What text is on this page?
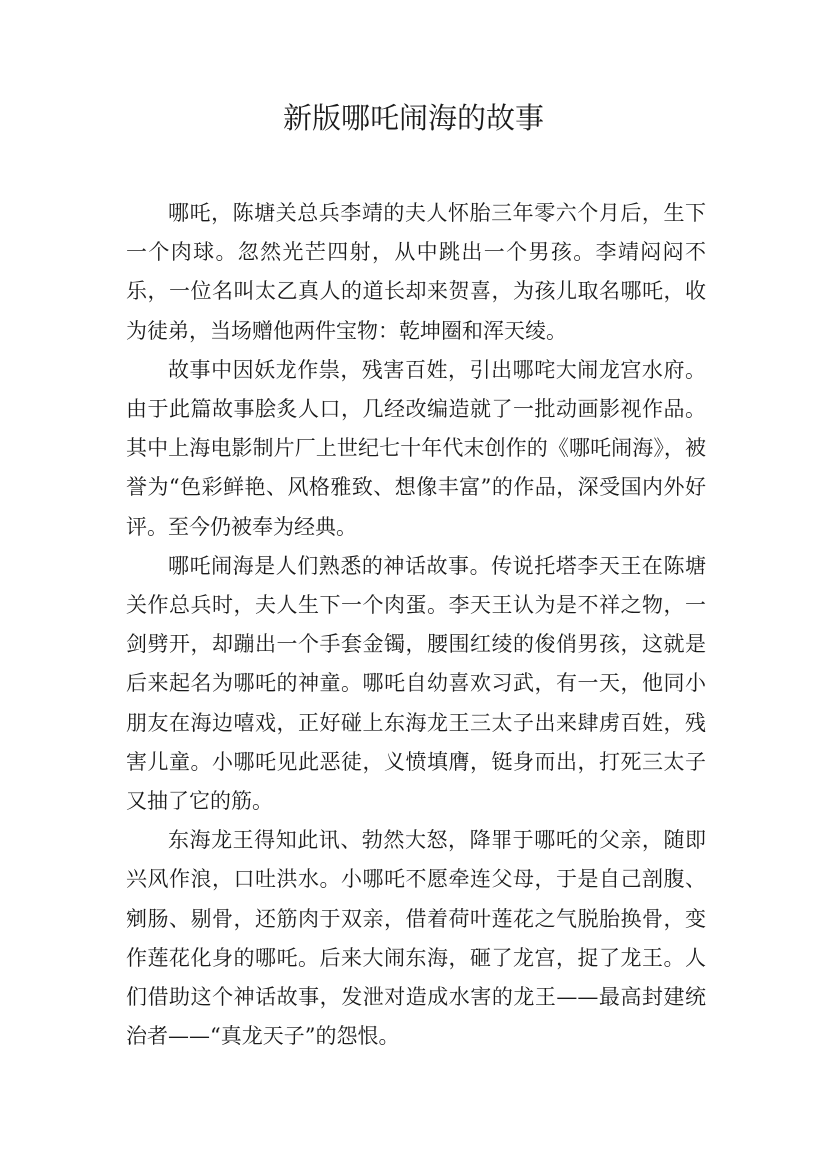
新版哪吒闹海的故事

哪吒，陈塘关总兵李靖的夫人怀胎三年零六个月后，生下一个肉球。忽然光芒四射，从中跳出一个男孩。李靖闷闷不 乐，一位名叫太乙真人的道长却来贺喜，为孩儿取名哪吒，收为徒弟，当场赠他两件宝物：乾坤圈和浑天绫。

故事中因妖龙作祟，残害百姓，引出哪咤大闹龙宫水府。由于此篇故事脍炙人口，几经改编造就了一批动画影视作品。其中上海电影制片厂上世纪七十年代末创作的《哪吒闹海》，被誉为“色彩鲜艳、风格雅致、想像丰富”的作品，深受国内外好评。至今仍被奉为经典。

哪吒闹海是人们熟悉的神话故事。传说托塔李天王在陈塘关作总兵时，夫人生下一个肉蛋。李天王认为是不祥之物，一剑劈开，却蹦出一个手套金镯，腰围红绫的俊俏男孩，这就是后来起名为哪吒的神童。哪吒自幼喜欢习武，有一天，他同小朋友在海边嘻戏，正好碰上东海龙王三太子出来肆虏百姓，残害儿童。小哪吒见此恶徒，义愤填膺，铤身而出，打死三太子又抽了它的筋。

东海龙王得知此讯、勃然大怒，降罪于哪吒的父亲，随即兴风作浪，口吐洪水。小哪吒不愿牵连父母，于是自己剖腹、剜肠、剔骨，还筋肉于双亲，借着荷叶莲花之气脱胎换骨，变作莲花化身的哪吒。后来大闹东海，砸了龙宫，捉了龙王。人们借助这个神话故事，发泄对造成水害的龙王——最高封建统治者——“真龙天子”的怨恨。
